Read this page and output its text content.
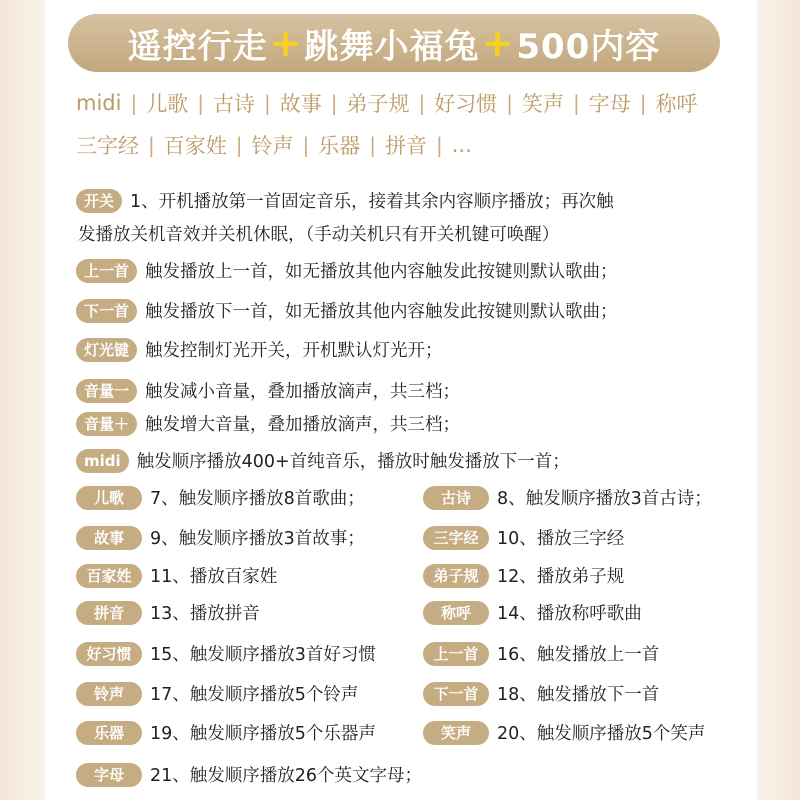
遥控行走 + 跳舞小福兔 + 500内容
midi | 儿歌 | 古诗 | 故事 | 弟子规 | 好习惯 | 笑声 | 字母 | 称呼
三字经 | 百家姓 | 铃声 | 乐器 | 拼音 | ...
开关 1、开机播放第一首固定音乐，接着其余内容顺序播放；再次触
发播放关机音效并关机休眠，（手动关机只有开关机键可唤醒）
上一首 触发播放上一首，如无播放其他内容触发此按键则默认歌曲；
下一首 触发播放下一首，如无播放其他内容触发此按键则默认歌曲；
灯光键 触发控制灯光开关，开机默认灯光开；
音量一 触发减小音量，叠加播放滴声，共三档；
音量＋ 触发增大音量，叠加播放滴声，共三档；
midi 触发顺序播放400+首纯音乐，播放时触发播放下一首；
儿歌	7、触发顺序播放8首歌曲；	古诗	8、触发顺序播放3首古诗；
故事	9、触发顺序播放3首故事；	三字经	10、播放三字经
百家姓	11、播放百家姓	弟子规	12、播放弟子规
拼音	13、播放拼音	称呼	14、播放称呼歌曲
好习惯	15、触发顺序播放3首好习惯	上一首	16、触发播放上一首
铃声	17、触发顺序播放5个铃声	下一首	18、触发播放下一首
乐器	19、触发顺序播放5个乐器声	笑声	20、触发顺序播放5个笑声
字母	21、触发顺序播放26个英文字母；
